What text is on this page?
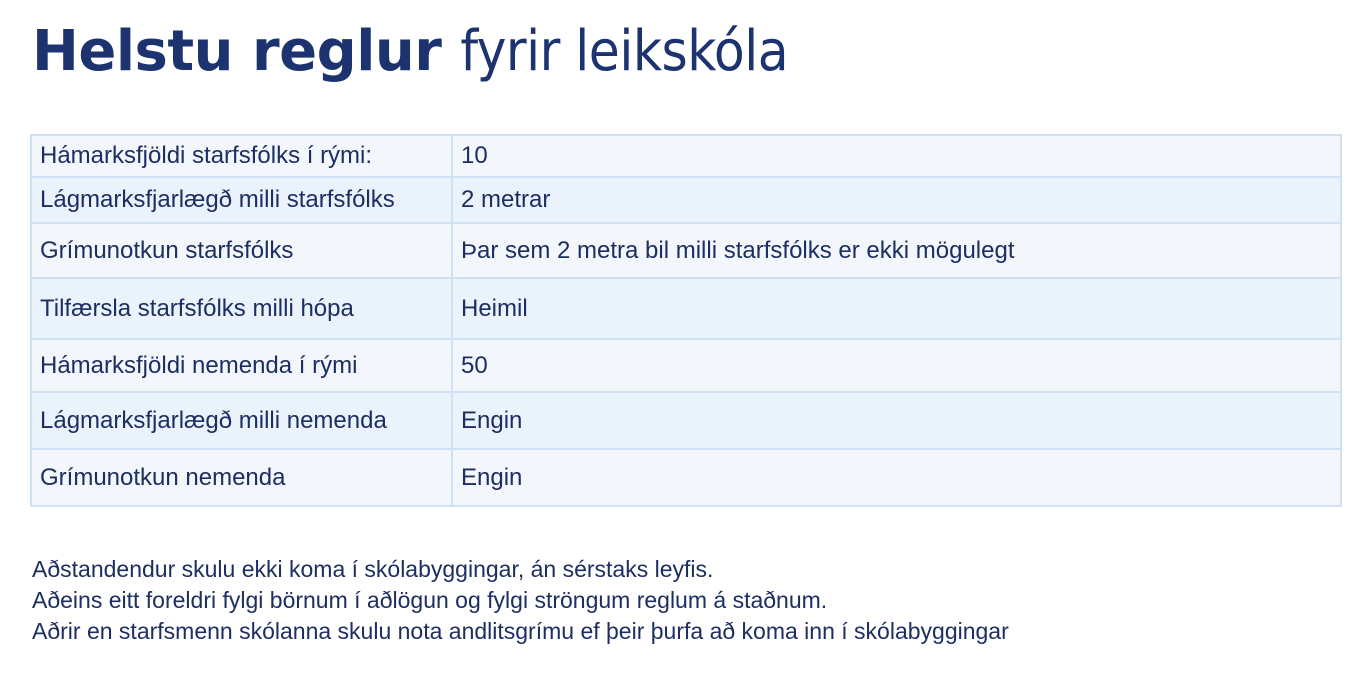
Helstu reglur fyrir leikskóla
Hámarksfjöldi starfsfólks í rými:	10
Lágmarksfjarlægð milli starfsfólks	2 metrar
Grímunotkun starfsfólks	Þar sem 2 metra bil milli starfsfólks er ekki mögulegt
Tilfærsla starfsfólks milli hópa	Heimil
Hámarksfjöldi nemenda í rými	50
Lágmarksfjarlægð milli nemenda	Engin
Grímunotkun nemenda	Engin
Aðstandendur skulu ekki koma í skólabyggingar, án sérstaks leyfis.
Aðeins eitt foreldri fylgi börnum í aðlögun og fylgi ströngum reglum á staðnum.
Aðrir en starfsmenn skólanna skulu nota andlitsgrímu ef þeir þurfa að koma inn í skólabyggingar
